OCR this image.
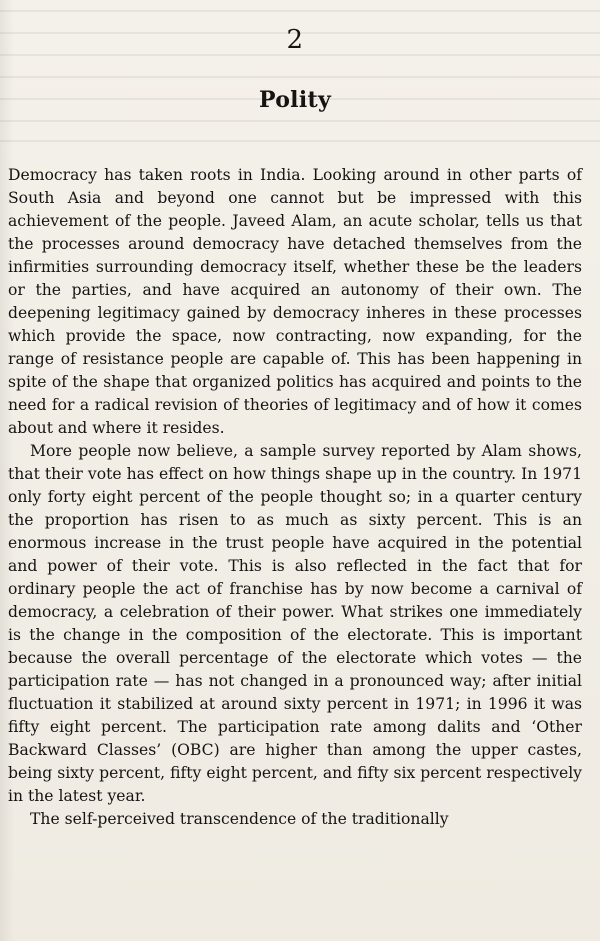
2
Polity

Democracy has taken roots in India. Looking around in other parts of South Asia and beyond one cannot but be impressed with this achievement of the people. Javeed Alam, an acute scholar, tells us that the processes around democracy have detached themselves from the infirmities surrounding democracy itself, whether these be the leaders or the parties, and have acquired an autonomy of their own. The deepening legitimacy gained by democracy inheres in these processes which provide the space, now contracting, now expanding, for the range of resistance people are capable of. This has been happening in spite of the shape that organized politics has acquired and points to the need for a radical revision of theories of legitimacy and of how it comes about and where it resides.

More people now believe, a sample survey reported by Alam shows, that their vote has effect on how things shape up in the country. In 1971 only forty eight percent of the people thought so; in a quarter century the proportion has risen to as much as sixty percent. This is an enormous increase in the trust people have acquired in the potential and power of their vote. This is also reflected in the fact that for ordinary people the act of franchise has by now become a carnival of democracy, a celebration of their power. What strikes one immediately is the change in the composition of the electorate. This is important because the overall percentage of the electorate which votes — the participation rate — has not changed in a pronounced way; after initial fluctuation it stabilized at around sixty percent in 1971; in 1996 it was fifty eight percent. The participation rate among dalits and ‘Other Backward Classes’ (OBC) are higher than among the upper castes, being sixty percent, fifty eight percent, and fifty six percent respectively in the latest year.

The self-perceived transcendence of the traditionally
